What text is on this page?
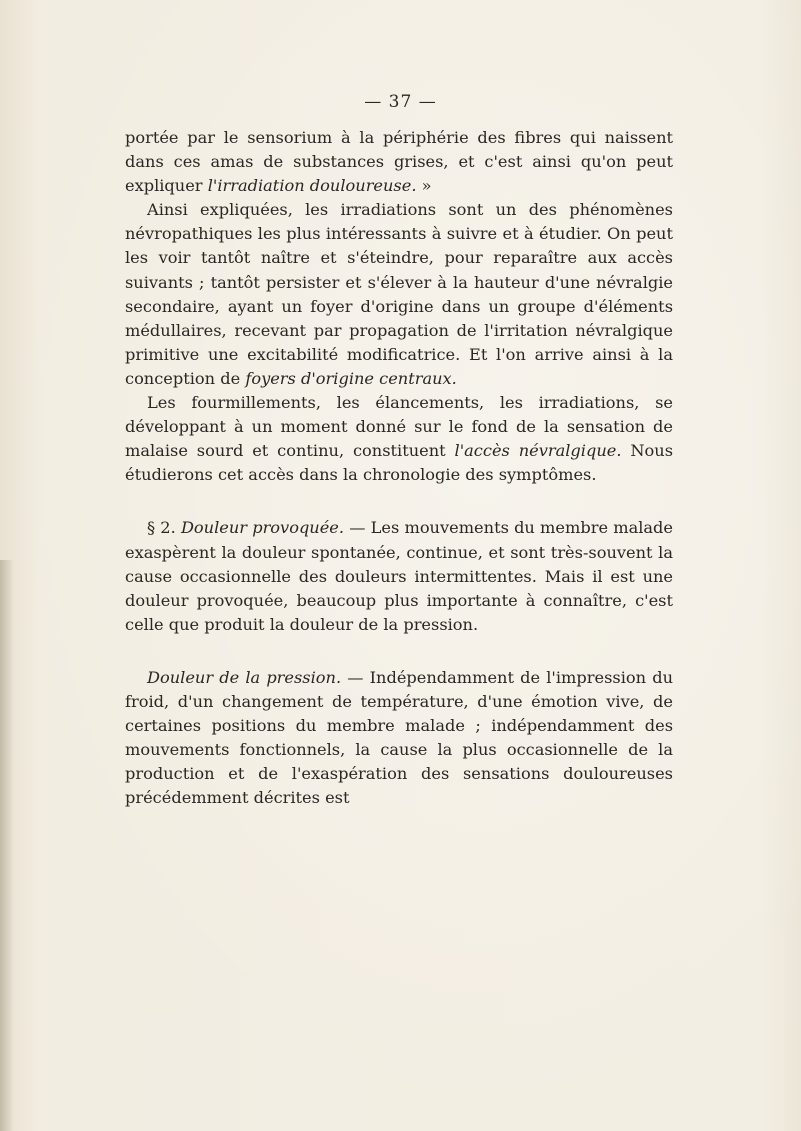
— 37 —

portée par le sensorium à la périphérie des fibres qui naissent dans ces amas de substances grises, et c'est ainsi qu'on peut expliquer l'irradiation douloureuse. »

Ainsi expliquées, les irradiations sont un des phénomènes névropathiques les plus intéressants à suivre et à étudier. On peut les voir tantôt naître et s'éteindre, pour reparaître aux accès suivants ; tantôt persister et s'élever à la hauteur d'une névralgie secondaire, ayant un foyer d'origine dans un groupe d'éléments médullaires, recevant par propagation de l'irritation névralgique primitive une excitabilité modificatrice. Et l'on arrive ainsi à la conception de foyers d'origine centraux.

Les fourmillements, les élancements, les irradiations, se développant à un moment donné sur le fond de la sensation de malaise sourd et continu, constituent l'accès névralgique. Nous étudierons cet accès dans la chronologie des symptômes.

§ 2. Douleur provoquée. — Les mouvements du membre malade exaspèrent la douleur spontanée, continue, et sont très-souvent la cause occasionnelle des douleurs intermittentes. Mais il est une douleur provoquée, beaucoup plus importante à connaître, c'est celle que produit la douleur de la pression.

Douleur de la pression. — Indépendamment de l'impression du froid, d'un changement de température, d'une émotion vive, de certaines positions du membre malade ; indépendamment des mouvements fonctionnels, la cause la plus occasionnelle de la production et de l'exaspération des sensations douloureuses précédemment décrites est
